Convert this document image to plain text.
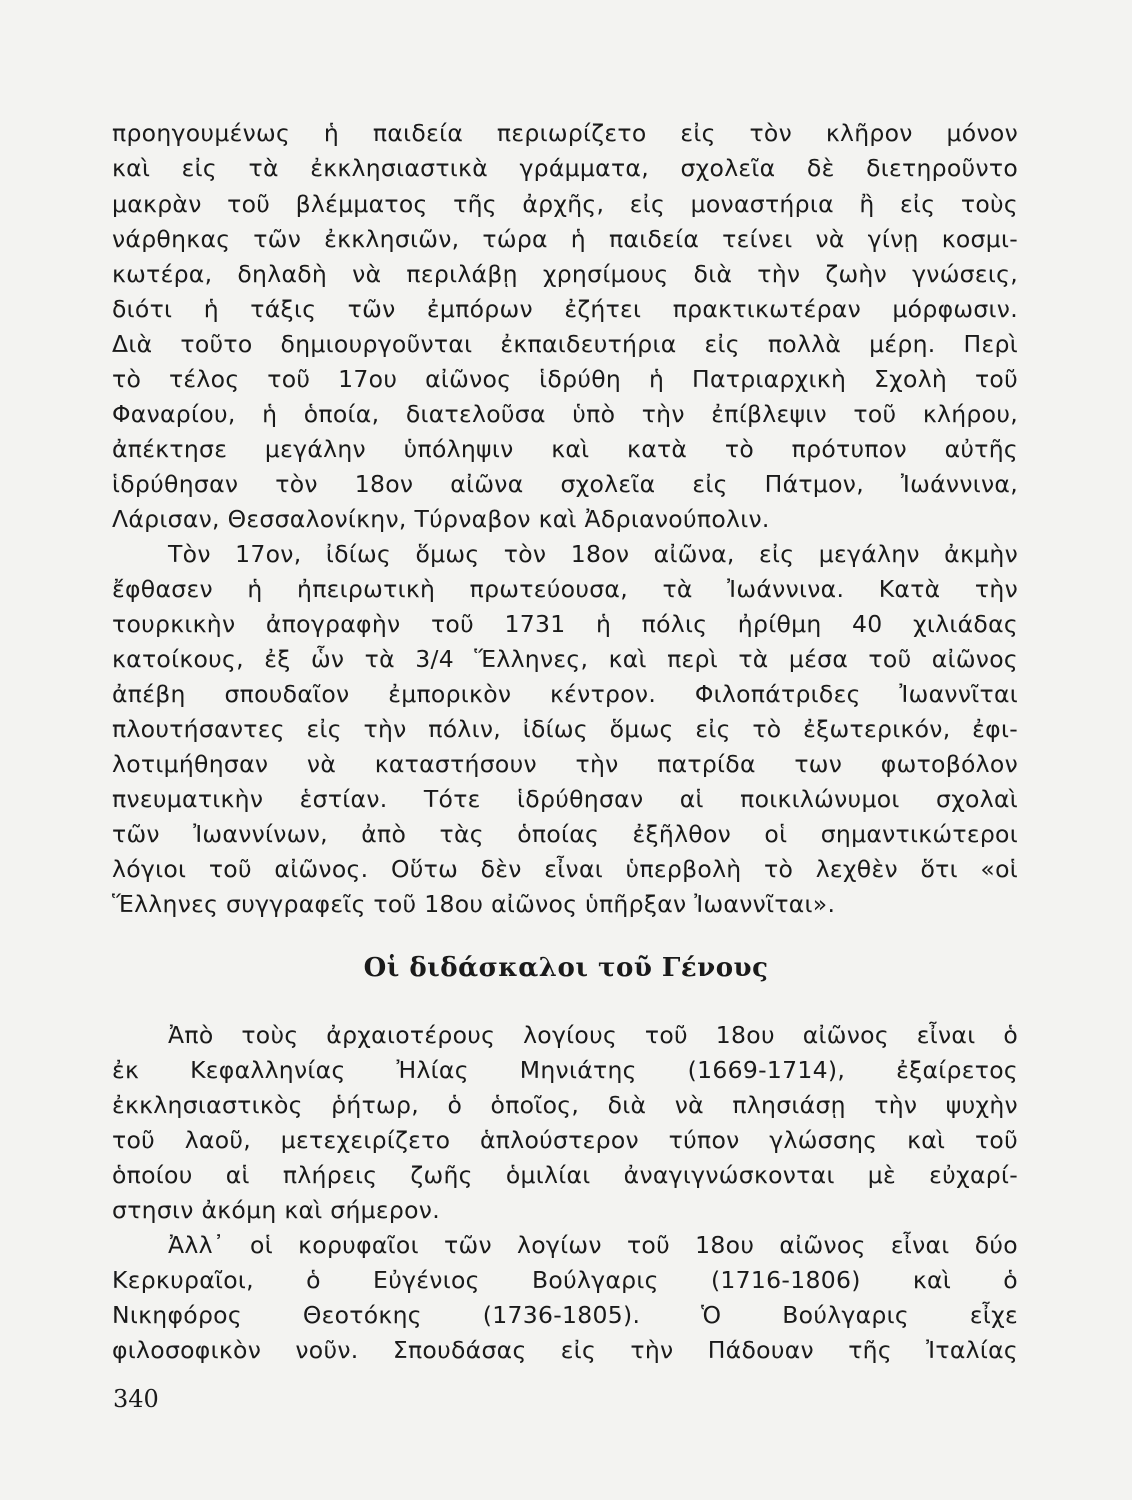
προηγουμένως ἡ παιδεία περιωρίζετο εἰς τὸν κλῆρον μόνον
καὶ εἰς τὰ ἐκκλησιαστικὰ γράμματα, σχολεῖα δὲ διετηροῦντο
μακρὰν τοῦ βλέμματος τῆς ἀρχῆς, εἰς μοναστήρια ἢ εἰς τοὺς
νάρθηκας τῶν ἐκκλησιῶν, τώρα ἡ παιδεία τείνει νὰ γίνῃ κοσμι-
κωτέρα, δηλαδὴ νὰ περιλάβῃ χρησίμους διὰ τὴν ζωὴν γνώσεις,
διότι ἡ τάξις τῶν ἐμπόρων ἐζήτει πρακτικωτέραν μόρφωσιν.
Διὰ τοῦτο δημιουργοῦνται ἐκπαιδευτήρια εἰς πολλὰ μέρη. Περὶ
τὸ τέλος τοῦ 17ου αἰῶνος ἱδρύθη ἡ Πατριαρχικὴ Σχολὴ τοῦ
Φαναρίου, ἡ ὁποία, διατελοῦσα ὑπὸ τὴν ἐπίβλεψιν τοῦ κλήρου,
ἀπέκτησε μεγάλην ὑπόληψιν καὶ κατὰ τὸ πρότυπον αὐτῆς
ἱδρύθησαν τὸν 18ον αἰῶνα σχολεῖα εἰς Πάτμον, Ἰωάννινα,
Λάρισαν, Θεσσαλονίκην, Τύρναβον καὶ Ἀδριανούπολιν.
Τὸν 17ον, ἰδίως ὅμως τὸν 18ον αἰῶνα, εἰς μεγάλην ἀκμὴν
ἔφθασεν ἡ ἠπειρωτικὴ πρωτεύουσα, τὰ Ἰωάννινα. Κατὰ τὴν
τουρκικὴν ἀπογραφὴν τοῦ 1731 ἡ πόλις ἠρίθμη 40 χιλιάδας
κατοίκους, ἐξ ὧν τὰ 3/4 Ἕλληνες, καὶ περὶ τὰ μέσα τοῦ αἰῶνος
ἀπέβη σπουδαῖον ἐμπορικὸν κέντρον. Φιλοπάτριδες Ἰωαννῖται
πλουτήσαντες εἰς τὴν πόλιν, ἰδίως ὅμως εἰς τὸ ἐξωτερικόν, ἐφι-
λοτιμήθησαν νὰ καταστήσουν τὴν πατρίδα των φωτοβόλον
πνευματικὴν ἑστίαν. Τότε ἱδρύθησαν αἱ ποικιλώνυμοι σχολαὶ
τῶν Ἰωαννίνων, ἀπὸ τὰς ὁποίας ἐξῆλθον οἱ σημαντικώτεροι
λόγιοι τοῦ αἰῶνος. Οὕτω δὲν εἶναι ὑπερβολὴ τὸ λεχθὲν ὅτι «οἱ
Ἕλληνες συγγραφεῖς τοῦ 18ου αἰῶνος ὑπῆρξαν Ἰωαννῖται».
Οἱ διδάσκαλοι τοῦ Γένους
Ἀπὸ τοὺς ἀρχαιοτέρους λογίους τοῦ 18ου αἰῶνος εἶναι ὁ
ἐκ Κεφαλληνίας Ἠλίας Μηνιάτης (1669-1714), ἐξαίρετος
ἐκκλησιαστικὸς ῥήτωρ, ὁ ὁποῖος, διὰ νὰ πλησιάσῃ τὴν ψυχὴν
τοῦ λαοῦ, μετεχειρίζετο ἁπλούστερον τύπον γλώσσης καὶ τοῦ
ὁποίου αἱ πλήρεις ζωῆς ὁμιλίαι ἀναγιγνώσκονται μὲ εὐχαρί-
στησιν ἀκόμη καὶ σήμερον.
Ἀλλ᾽ οἱ κορυφαῖοι τῶν λογίων τοῦ 18ου αἰῶνος εἶναι δύο
Κερκυραῖοι, ὁ Εὐγένιος Βούλγαρις (1716-1806) καὶ ὁ
Νικηφόρος Θεοτόκης (1736-1805). Ὁ Βούλγαρις εἶχε
φιλοσοφικὸν νοῦν. Σπουδάσας εἰς τὴν Πάδουαν τῆς Ἰταλίας
340
